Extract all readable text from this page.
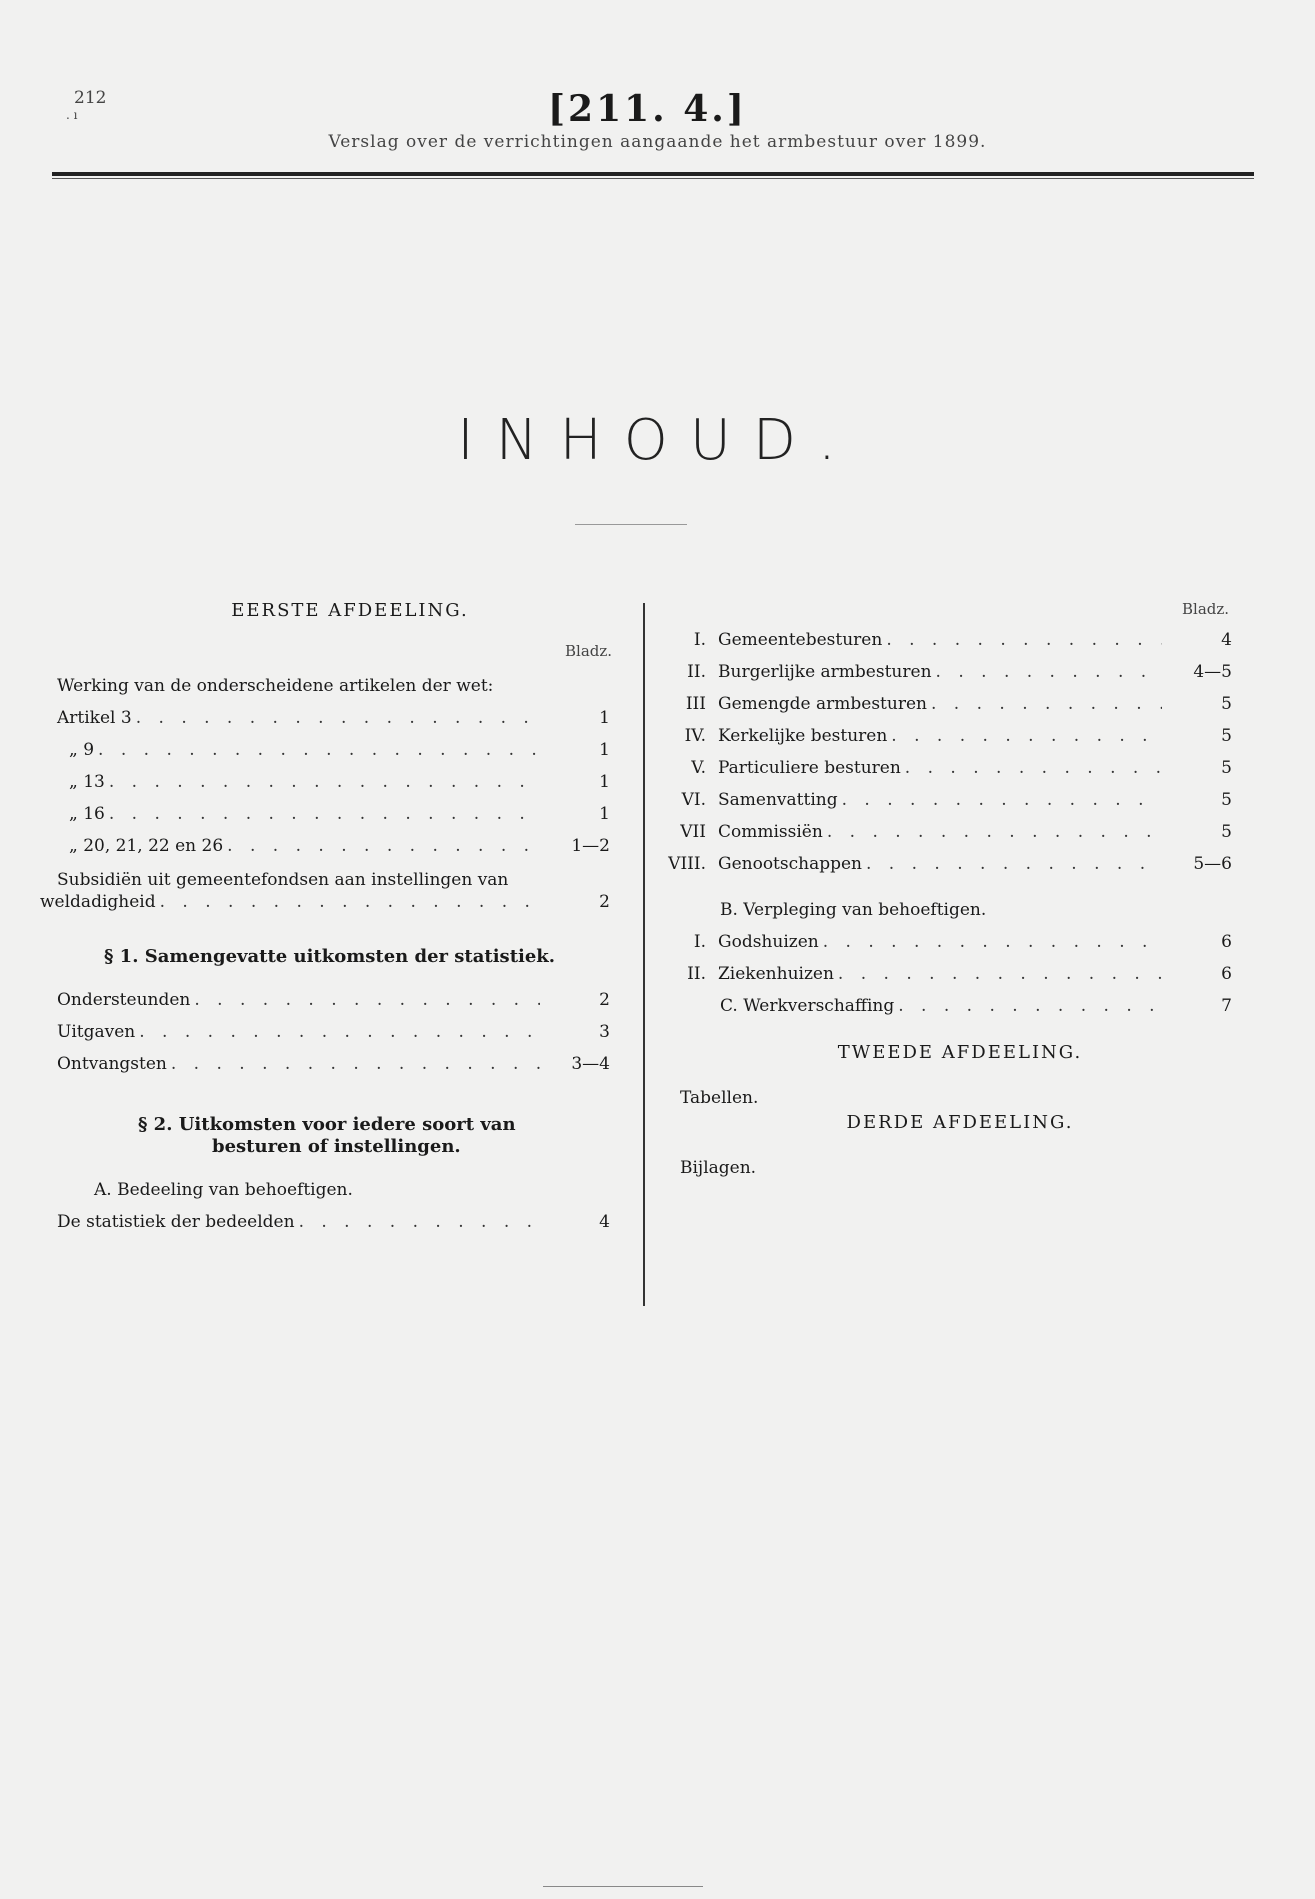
212
. ı	[211. 4.]
Verslag over de verrichtingen aangaande het armbestuur over 1899.
INHOUD.
EERSTE AFDEELING.
Bladz.
Werking van de onderscheidene artikelen der wet:
Artikel 3 . . .	1
„ 9 . . .	1
„ 13 . . .	1
„ 16 . . .	1
„ 20, 21, 22 en 26 . . .	1—2
Subsidiën uit gemeentefondsen aan instellingen van
weldadigheid . . .	2
§ 1. Samengevatte uitkomsten der statistiek.
Ondersteunden . . .	2
Uitgaven . . .	3
Ontvangsten . . .	3—4
§ 2. Uitkomsten voor iedere soort van
besturen of instellingen.
A. Bedeeling van behoeftigen.
De statistiek der bedeelden . . .	4
Bladz.
I. Gemeentebesturen . . .	4
II. Burgerlijke armbesturen . . .	4—5
III Gemengde armbesturen . . .	5
IV. Kerkelijke besturen . . .	5
V. Particuliere besturen . . .	5
VI. Samenvatting . . .	5
VII Commissiën . . .	5
VIII. Genootschappen . . .	5—6
B. Verpleging van behoeftigen.
I. Godshuizen . . .	6
II. Ziekenhuizen . . .	6
C. Werkverschaffing . . .	7
TWEEDE AFDEELING.
Tabellen.
DERDE AFDEELING.
Bijlagen.
